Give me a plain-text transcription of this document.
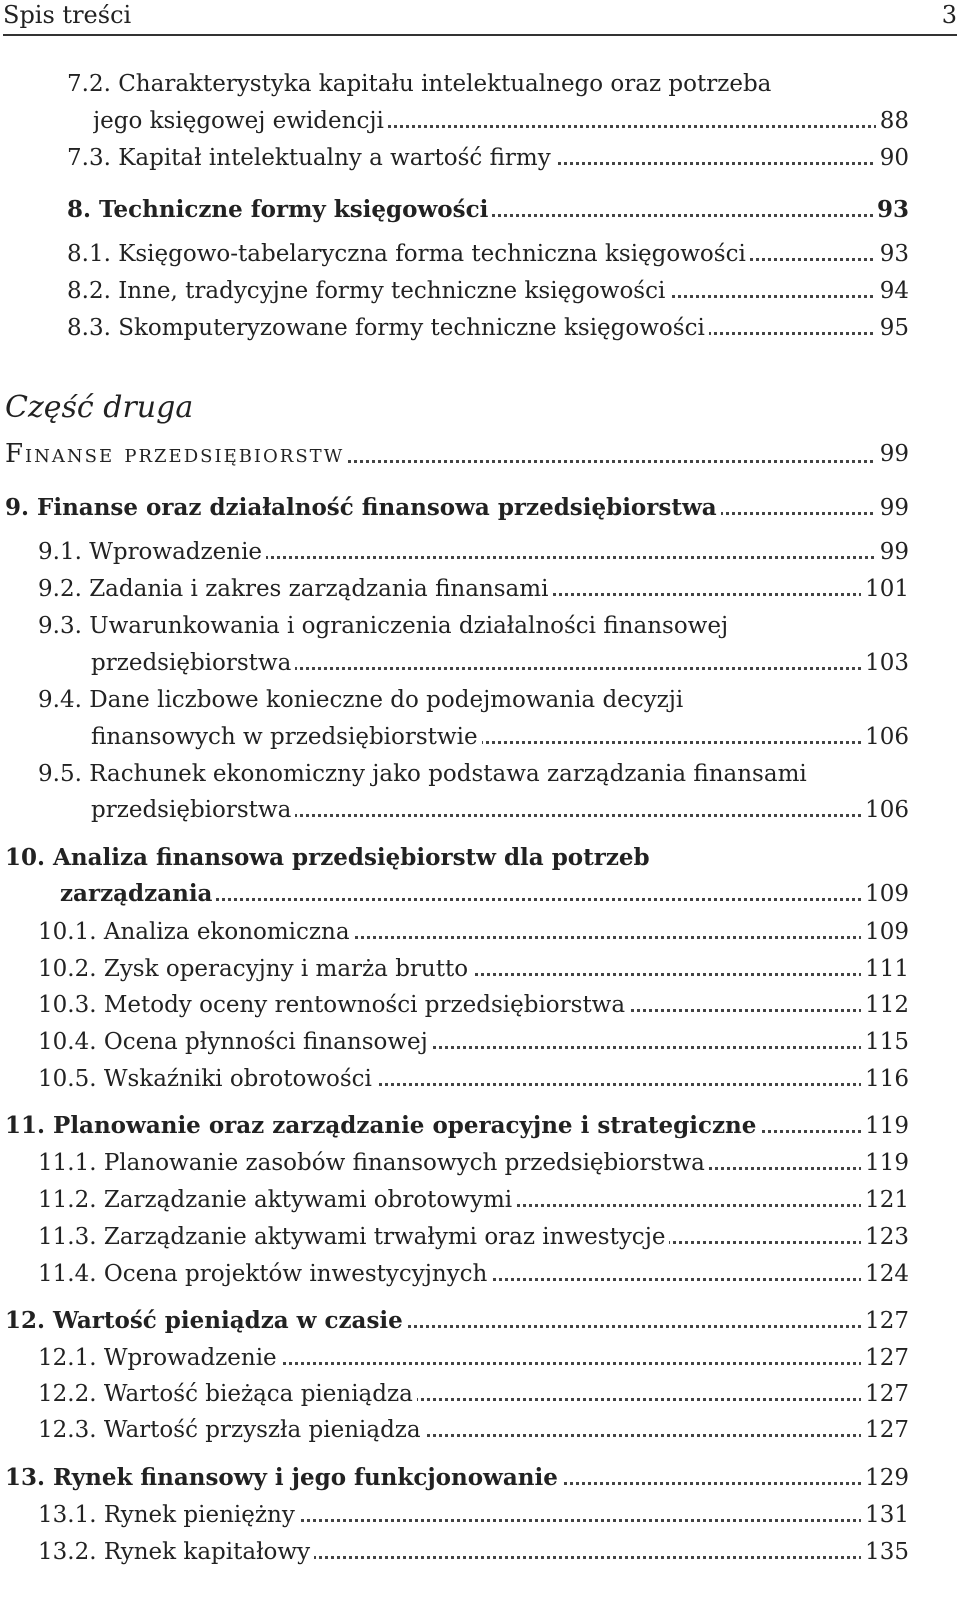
Spis treści	3
7.2. Charakterystyka kapitału intelektualnego oraz potrzeba
jego księgowej ewidencji	88
7.3. Kapitał intelektualny a wartość firmy	90
8. Techniczne formy księgowości	93
8.1. Księgowo-tabelaryczna forma techniczna księgowości	93
8.2. Inne, tradycyjne formy techniczne księgowości	94
8.3. Skomputeryzowane formy techniczne księgowości	95
Część druga
Finanse przedsiębiorstw	99
9. Finanse oraz działalność finansowa przedsiębiorstwa	99
9.1. Wprowadzenie	99
9.2. Zadania i zakres zarządzania finansami	101
9.3. Uwarunkowania i ograniczenia działalności finansowej
przedsiębiorstwa	103
9.4. Dane liczbowe konieczne do podejmowania decyzji
finansowych w przedsiębiorstwie	106
9.5. Rachunek ekonomiczny jako podstawa zarządzania finansami
przedsiębiorstwa	106
10. Analiza finansowa przedsiębiorstw dla potrzeb
zarządzania	109
10.1. Analiza ekonomiczna	109
10.2. Zysk operacyjny i marża brutto	111
10.3. Metody oceny rentowności przedsiębiorstwa	112
10.4. Ocena płynności finansowej	115
10.5. Wskaźniki obrotowości	116
11. Planowanie oraz zarządzanie operacyjne i strategiczne	119
11.1. Planowanie zasobów finansowych przedsiębiorstwa	119
11.2. Zarządzanie aktywami obrotowymi	121
11.3. Zarządzanie aktywami trwałymi oraz inwestycje	123
11.4. Ocena projektów inwestycyjnych	124
12. Wartość pieniądza w czasie	127
12.1. Wprowadzenie	127
12.2. Wartość bieżąca pieniądza	127
12.3. Wartość przyszła pieniądza	127
13. Rynek finansowy i jego funkcjonowanie	129
13.1. Rynek pieniężny	131
13.2. Rynek kapitałowy	135
